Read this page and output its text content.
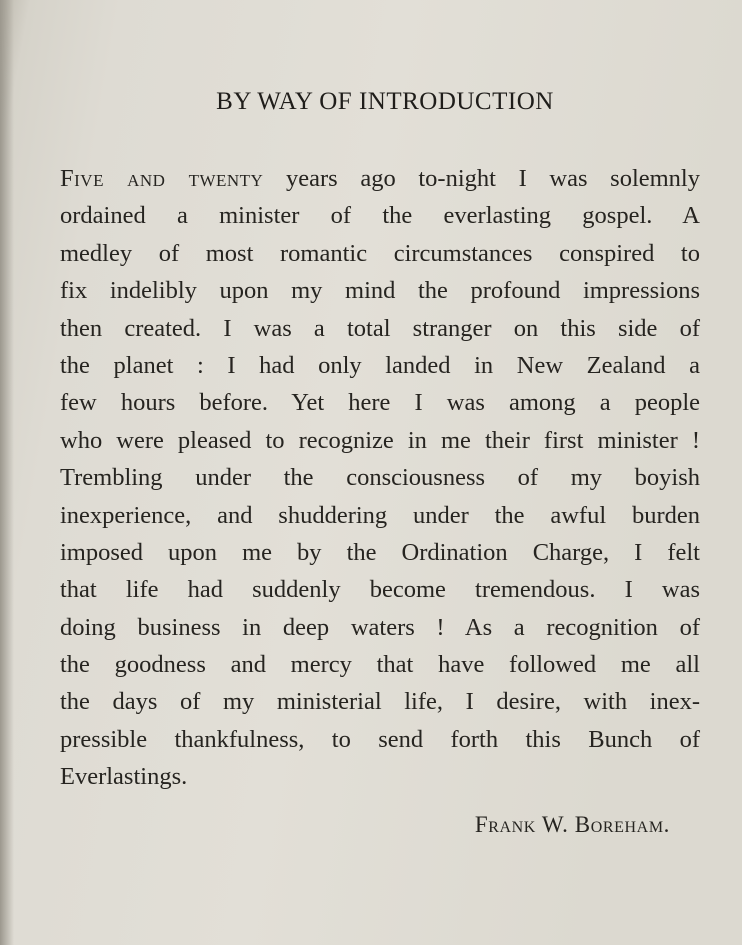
BY WAY OF INTRODUCTION
Five and twenty years ago to-night I was solemnly
ordained a minister of the everlasting gospel. A
medley of most romantic circumstances conspired to
fix indelibly upon my mind the profound impressions
then created. I was a total stranger on this side of
the planet : I had only landed in New Zealand a
few hours before. Yet here I was among a people
who were pleased to recognize in me their first minister !
Trembling under the consciousness of my boyish
inexperience, and shuddering under the awful burden
imposed upon me by the Ordination Charge, I felt
that life had suddenly become tremendous. I was
doing business in deep waters ! As a recognition of
the goodness and mercy that have followed me all
the days of my ministerial life, I desire, with inex-
pressible thankfulness, to send forth this Bunch of
Everlastings.
Frank W. Boreham.
